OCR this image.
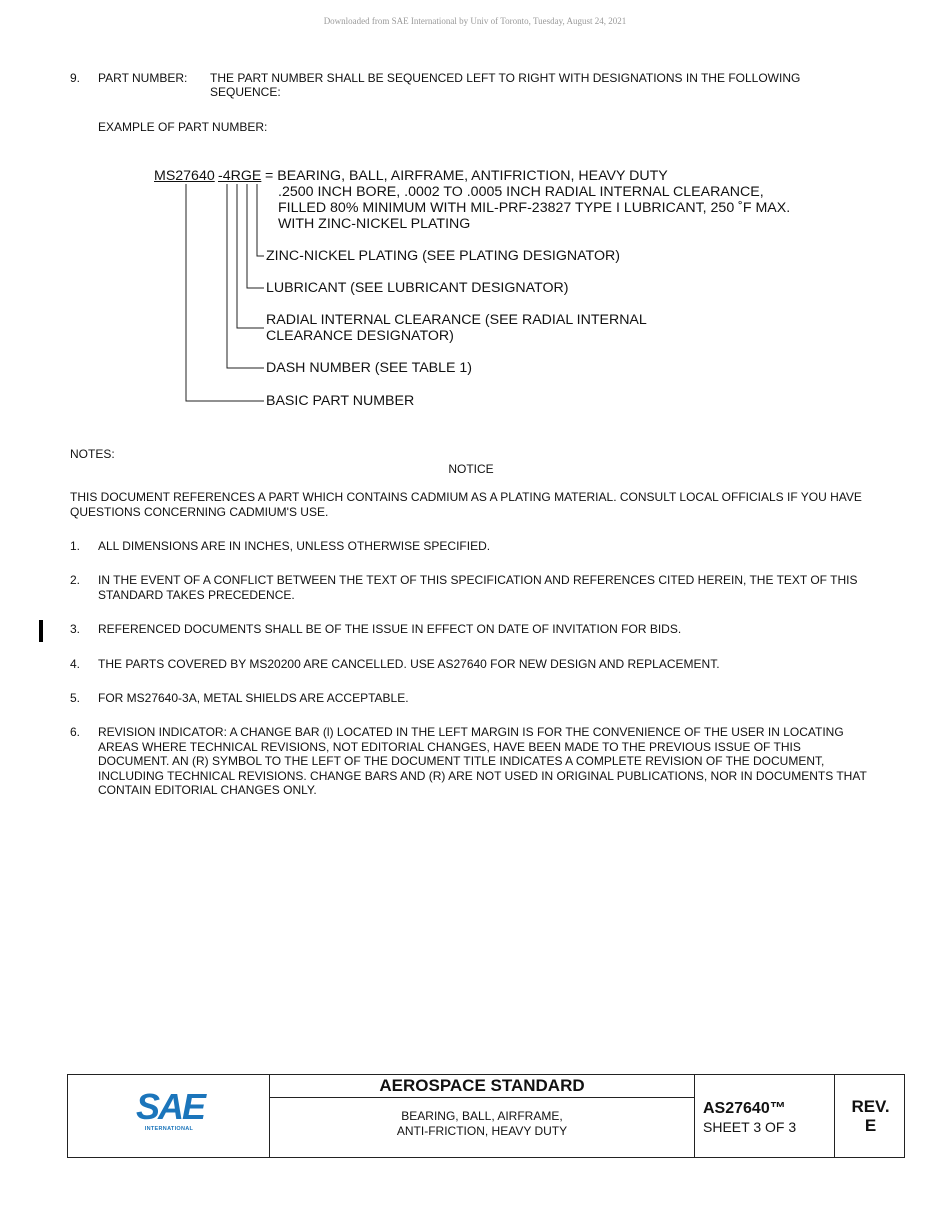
Downloaded from SAE International by Univ of Toronto, Tuesday, August 24, 2021
9. PART NUMBER: THE PART NUMBER SHALL BE SEQUENCED LEFT TO RIGHT WITH DESIGNATIONS IN THE FOLLOWING
SEQUENCE:
EXAMPLE OF PART NUMBER:
MS27640 -4RGE = BEARING, BALL, AIRFRAME, ANTIFRICTION, HEAVY DUTY
.2500 INCH BORE, .0002 TO .0005 INCH RADIAL INTERNAL CLEARANCE,
FILLED 80% MINIMUM WITH MIL-PRF-23827 TYPE I LUBRICANT, 250 ˚F MAX.
WITH ZINC-NICKEL PLATING
ZINC-NICKEL PLATING (SEE PLATING DESIGNATOR)
LUBRICANT (SEE LUBRICANT DESIGNATOR)
RADIAL INTERNAL CLEARANCE (SEE RADIAL INTERNAL
CLEARANCE DESIGNATOR)
DASH NUMBER (SEE TABLE 1)
BASIC PART NUMBER
NOTES:
NOTICE
THIS DOCUMENT REFERENCES A PART WHICH CONTAINS CADMIUM AS A PLATING MATERIAL. CONSULT LOCAL OFFICIALS IF YOU HAVE QUESTIONS CONCERNING CADMIUM'S USE.
1. ALL DIMENSIONS ARE IN INCHES, UNLESS OTHERWISE SPECIFIED.
2. IN THE EVENT OF A CONFLICT BETWEEN THE TEXT OF THIS SPECIFICATION AND REFERENCES CITED HEREIN, THE TEXT OF THIS STANDARD TAKES PRECEDENCE.
3. REFERENCED DOCUMENTS SHALL BE OF THE ISSUE IN EFFECT ON DATE OF INVITATION FOR BIDS.
4. THE PARTS COVERED BY MS20200 ARE CANCELLED. USE AS27640 FOR NEW DESIGN AND REPLACEMENT.
5. FOR MS27640-3A, METAL SHIELDS ARE ACCEPTABLE.
6. REVISION INDICATOR: A CHANGE BAR (l) LOCATED IN THE LEFT MARGIN IS FOR THE CONVENIENCE OF THE USER IN LOCATING AREAS WHERE TECHNICAL REVISIONS, NOT EDITORIAL CHANGES, HAVE BEEN MADE TO THE PREVIOUS ISSUE OF THIS DOCUMENT. AN (R) SYMBOL TO THE LEFT OF THE DOCUMENT TITLE INDICATES A COMPLETE REVISION OF THE DOCUMENT, INCLUDING TECHNICAL REVISIONS. CHANGE BARS AND (R) ARE NOT USED IN ORIGINAL PUBLICATIONS, NOR IN DOCUMENTS THAT CONTAIN EDITORIAL CHANGES ONLY.
SAE
INTERNATIONAL
AEROSPACE STANDARD
BEARING, BALL, AIRFRAME,
ANTI-FRICTION, HEAVY DUTY
AS27640™
SHEET 3 OF 3
REV.
E
